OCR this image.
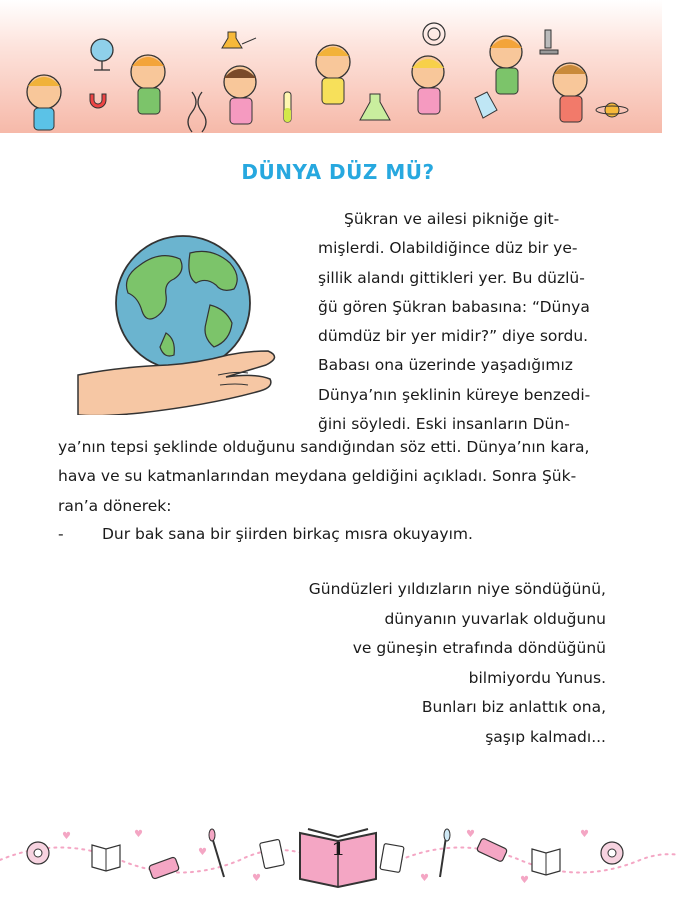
DÜNYA DÜZ MÜ?

Şükran ve ailesi pikniğe git-

mişlerdi. Olabildiğince düz bir ye-

şillik alandı gittikleri yer. Bu düzlü-

ğü gören Şükran babasına: “Dünya

dümdüz bir yer midir?” diye sordu.

Babası ona üzerinde yaşadığımız

Dünya’nın şeklinin küreye benzedi-

ğini söyledi. Eski insanların Dün-

ya’nın tepsi şeklinde olduğunu sandığından söz etti. Dünya’nın kara,

hava ve su katmanlarından meydana geldiğini açıkladı. Sonra Şük-

ran’a dönerek:

- Dur bak sana bir şiirden birkaç mısra okuyayım.
Gündüzleri yıldızların niye söndüğünü,
dünyanın yuvarlak olduğunu
ve güneşin etrafında döndüğünü
bilmiyordu Yunus.
Bunları biz anlattık ona,
şaşıp kalmadı...
♥	♥
♥
♥	♥
♥
♥
♥
1
